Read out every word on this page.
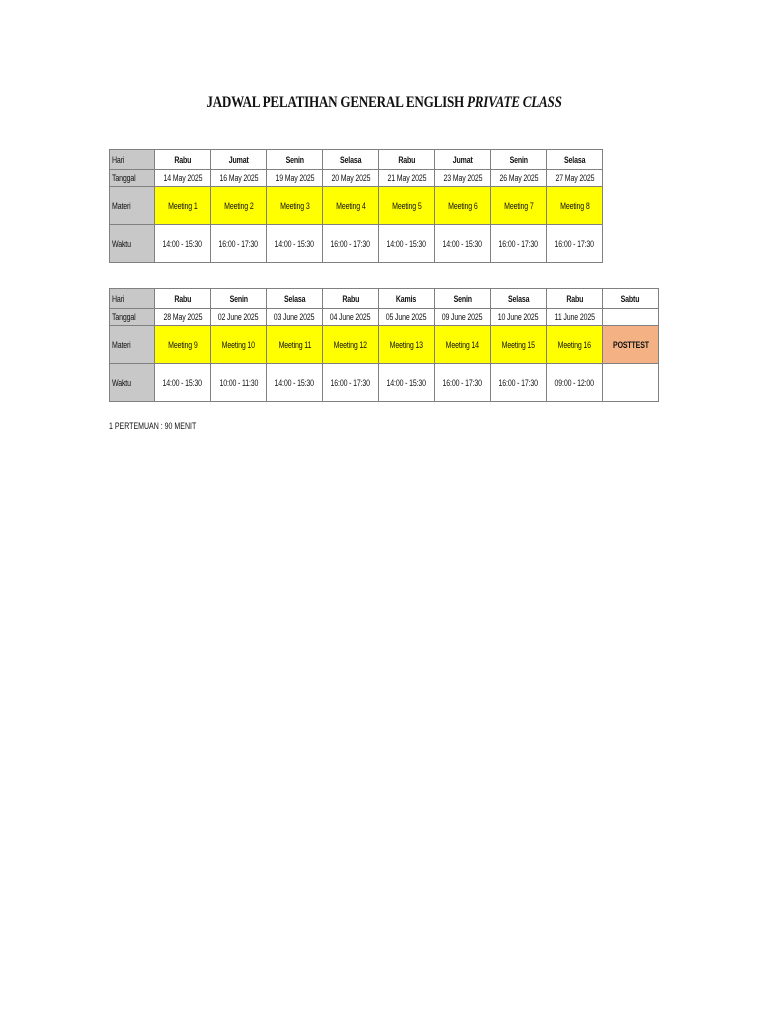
JADWAL PELATIHAN GENERAL ENGLISH PRIVATE CLASS
Hari	Rabu	Jumat	Senin	Selasa	Rabu	Jumat	Senin	Selasa
Tanggal	14 May 2025	16 May 2025	19 May 2025	20 May 2025	21 May 2025	23 May 2025	26 May 2025	27 May 2025
Materi	Meeting 1	Meeting 2	Meeting 3	Meeting 4	Meeting 5	Meeting 6	Meeting 7	Meeting 8
Waktu	14:00 - 15:30	16:00 - 17:30	14:00 - 15:30	16:00 - 17:30	14:00 - 15:30	14:00 - 15:30	16:00 - 17:30	16:00 - 17:30
Hari	Rabu	Senin	Selasa	Rabu	Kamis	Senin	Selasa	Rabu	Sabtu
Tanggal	28 May 2025	02 June 2025	03 June 2025	04 June 2025	05 June 2025	09 June 2025	10 June 2025	11 June 2025	
Materi	Meeting 9	Meeting 10	Meeting 11	Meeting 12	Meeting 13	Meeting 14	Meeting 15	Meeting 16	POSTTEST
Waktu	14:00 - 15:30	10:00 - 11:30	14:00 - 15:30	16:00 - 17:30	14:00 - 15:30	16:00 - 17:30	16:00 - 17:30	09:00 - 12:00	
1 PERTEMUAN : 90 MENIT
